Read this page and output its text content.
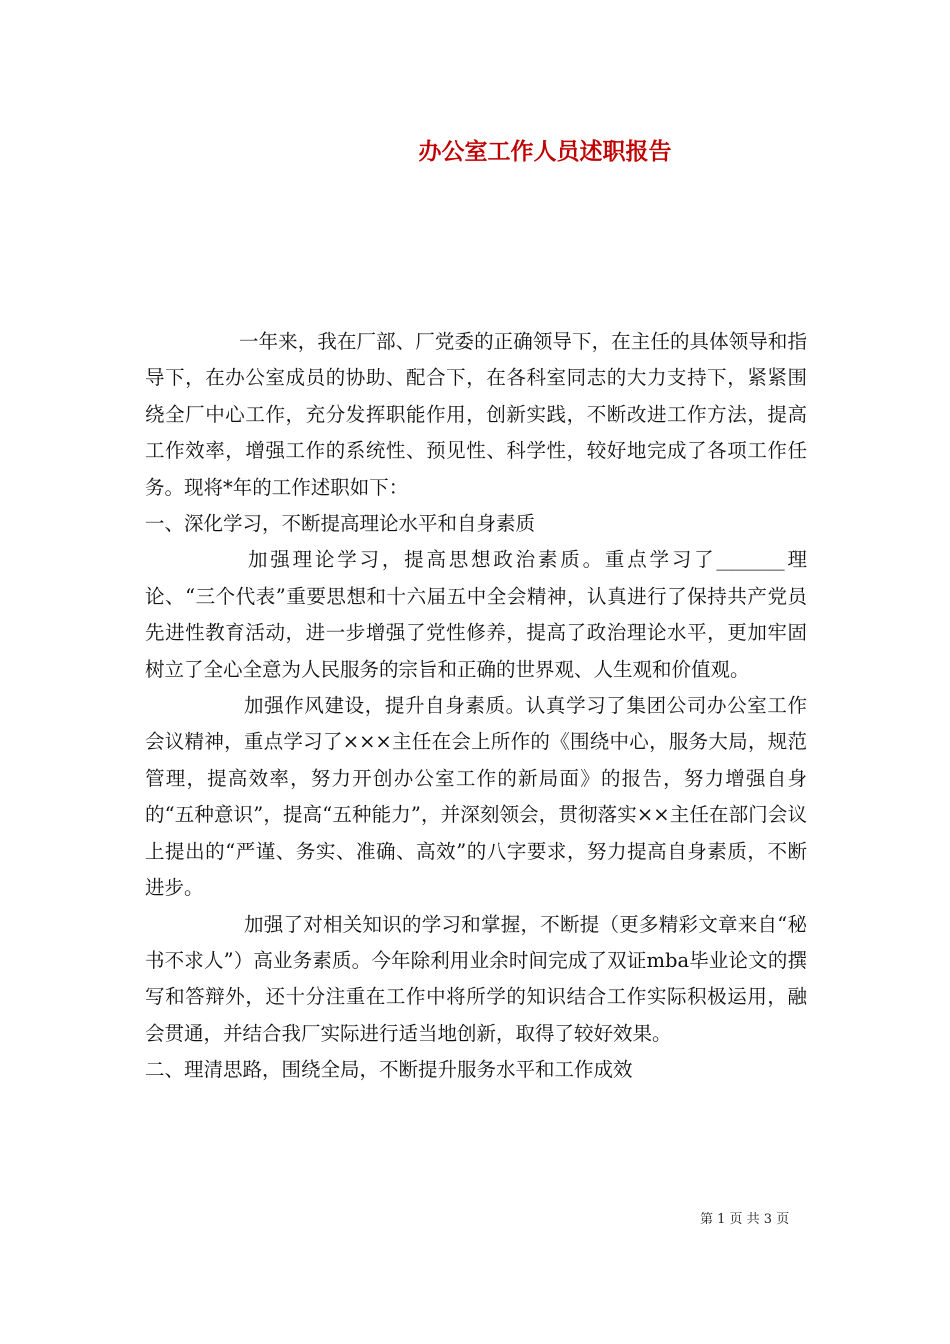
办公室工作人员述职报告

一年来，我在厂部、厂党委的正确领导下，在主任的具体领导和指导下，在办公室成员的协助、配合下，在各科室同志的大力支持下，紧紧围绕全厂中心工作，充分发挥职能作用，创新实践，不断改进工作方法，提高工作效率，增强工作的系统性、预见性、科学性，较好地完成了各项工作任务。现将*年的工作述职如下：

一、深化学习，不断提高理论水平和自身素质

加强理论学习，提高思想政治素质。重点学习了_______理论、“三个代表”重要思想和十六届五中全会精神，认真进行了保持共产党员先进性教育活动，进一步增强了党性修养，提高了政治理论水平，更加牢固树立了全心全意为人民服务的宗旨和正确的世界观、人生观和价值观。

加强作风建设，提升自身素质。认真学习了集团公司办公室工作会议精神，重点学习了×××主任在会上所作的《围绕中心，服务大局，规范管理，提高效率，努力开创办公室工作的新局面》的报告，努力增强自身的“五种意识”，提高“五种能力”，并深刻领会，贯彻落实××主任在部门会议上提出的“严谨、务实、准确、高效”的八字要求，努力提高自身素质，不断进步。

加强了对相关知识的学习和掌握，不断提（更多精彩文章来自“秘书不求人”）高业务素质。今年除利用业余时间完成了双证mba毕业论文的撰写和答辩外，还十分注重在工作中将所学的知识结合工作实际积极运用，融会贯通，并结合我厂实际进行适当地创新，取得了较好效果。

二、理清思路，围绕全局，不断提升服务水平和工作成效

第 1 页 共 3 页
